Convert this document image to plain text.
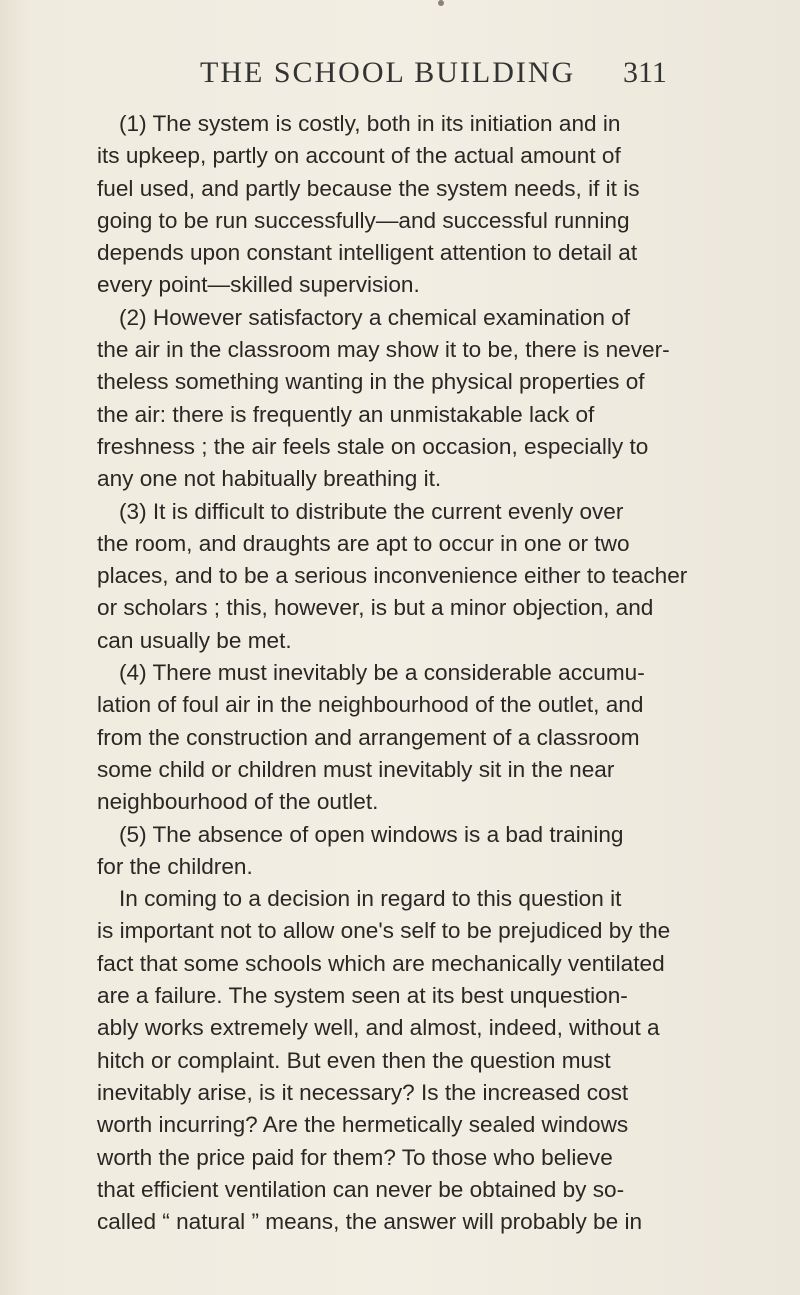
THE SCHOOL BUILDING 311
(1) The system is costly, both in its initiation and in
its upkeep, partly on account of the actual amount of
fuel used, and partly because the system needs, if it is
going to be run successfully—and successful running
depends upon constant intelligent attention to detail at
every point—skilled supervision.
(2) However satisfactory a chemical examination of
the air in the classroom may show it to be, there is never-
theless something wanting in the physical properties of
the air: there is frequently an unmistakable lack of
freshness ; the air feels stale on occasion, especially to
any one not habitually breathing it.
(3) It is difficult to distribute the current evenly over
the room, and draughts are apt to occur in one or two
places, and to be a serious inconvenience either to teacher
or scholars ; this, however, is but a minor objection, and
can usually be met.
(4) There must inevitably be a considerable accumu-
lation of foul air in the neighbourhood of the outlet, and
from the construction and arrangement of a classroom
some child or children must inevitably sit in the near
neighbourhood of the outlet.
(5) The absence of open windows is a bad training
for the children.
In coming to a decision in regard to this question it
is important not to allow one's self to be prejudiced by the
fact that some schools which are mechanically ventilated
are a failure. The system seen at its best unquestion-
ably works extremely well, and almost, indeed, without a
hitch or complaint. But even then the question must
inevitably arise, is it necessary? Is the increased cost
worth incurring? Are the hermetically sealed windows
worth the price paid for them? To those who believe
that efficient ventilation can never be obtained by so-
called “ natural ” means, the answer will probably be in
